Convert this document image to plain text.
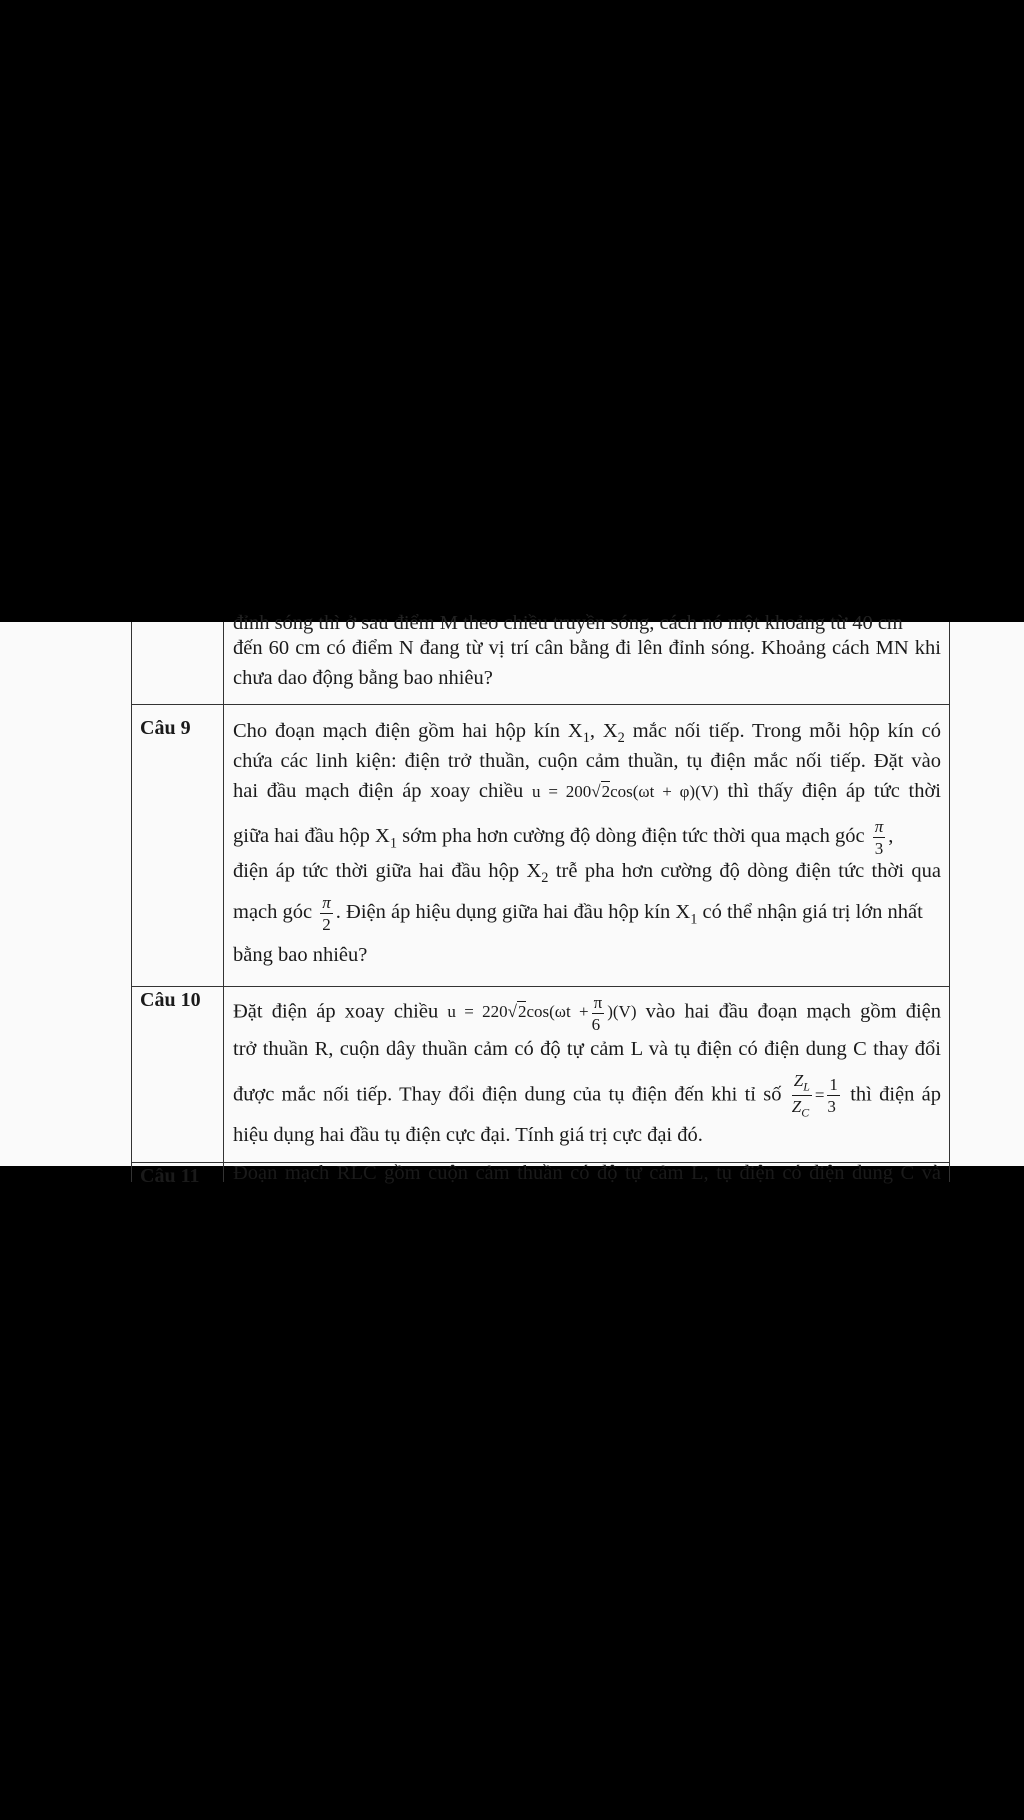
đỉnh sóng thì ở sau điểm M theo chiều truyền sóng, cách nó một khoảng từ 40 cm
đến 60 cm có điểm N đang từ vị trí cân bằng đi lên đỉnh sóng. Khoảng cách MN khi
chưa dao động bằng bao nhiêu?
Câu 9 Cho đoạn mạch điện gồm hai hộp kín $X_1$, $X_2$ mắc nối tiếp. Trong mỗi hộp kín có
chứa các linh kiện: điện trở thuần, cuộn cảm thuần, tụ điện mắc nối tiếp. Đặt vào
hai đầu mạch điện áp xoay chiều u = 200√2cos(ωt + φ)(V) thì thấy điện áp tức thời
giữa hai đầu hộp $X_1$ sớm pha hơn cường độ dòng điện tức thời qua mạch góc $\frac{\pi}{3}$ ,
điện áp tức thời giữa hai đầu hộp $X_2$ trễ pha hơn cường độ dòng điện tức thời qua
mạch góc $\frac{\pi}{2}$ . Điện áp hiệu dụng giữa hai đầu hộp kín $X_1$ có thể nhận giá trị lớn nhất
bằng bao nhiêu?
Câu 10
Đặt điện áp xoay chiều $u = 220√2\cos(\omega t + \frac{\pi}{6} )(V)$ vào hai đầu đoạn mạch gồm điện
trở thuần R, cuộn dây thuần cảm có độ tự cảm L và tụ điện có điện dung C thay đổi
được mắc nối tiếp. Thay đổi điện dung của tụ điện đến khi tỉ số $\frac{Z_L}{Z_C} = \frac{1}{3}$ thì điện áp
hiệu dụng hai đầu tụ điện cực đại. Tính giá trị cực đại đó.
Câu 11 Đoạn mạch RLC gồm cuộn cảm thuần có độ tự cảm L, tụ điện có điện dung C và
